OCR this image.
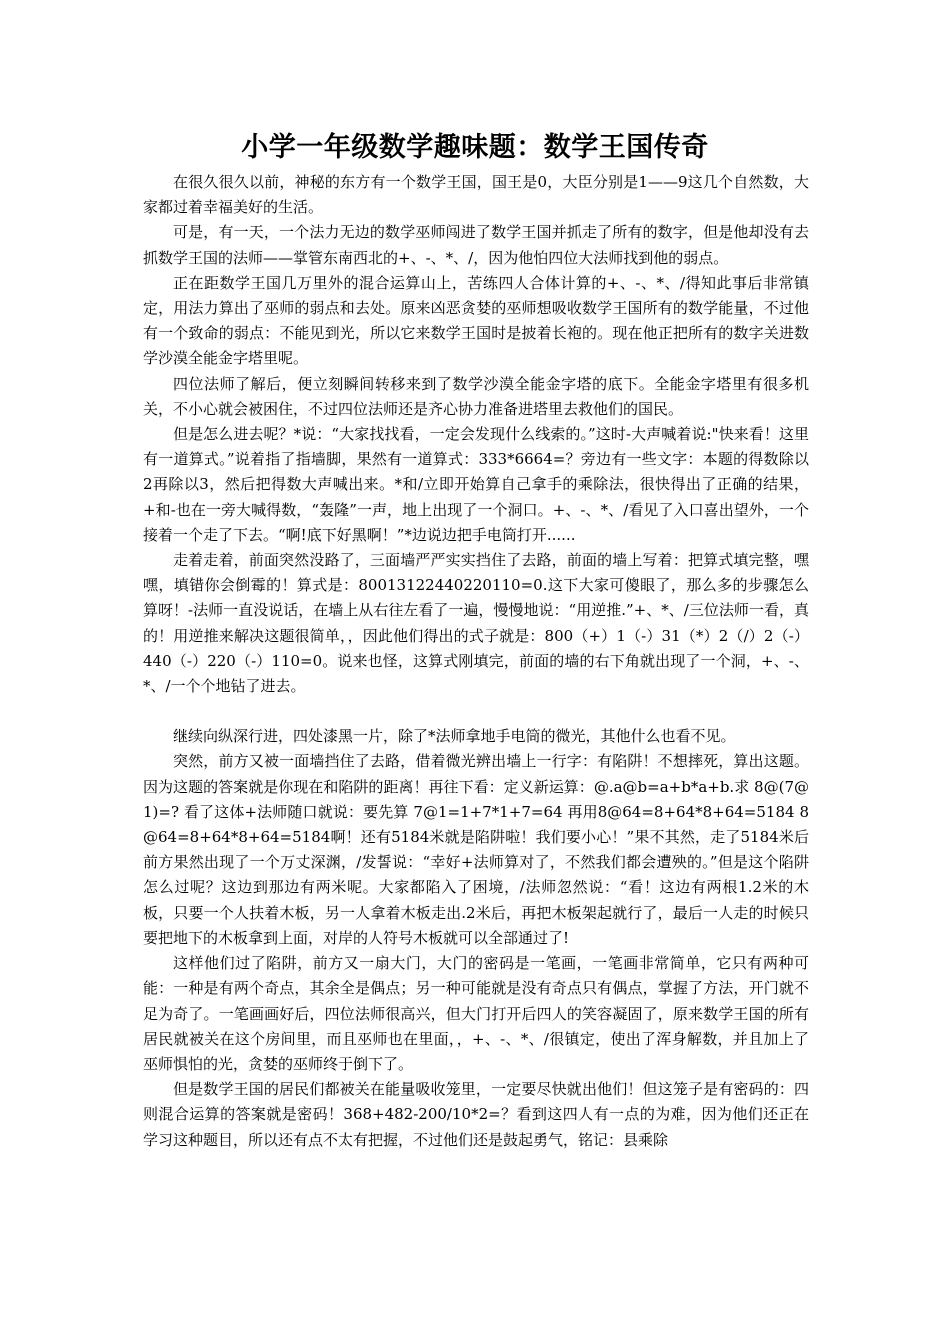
小学一年级数学趣味题：数学王国传奇

在很久很久以前，神秘的东方有一个数学王国，国王是0，大臣分别是1——9这几个自然数，大家都过着幸福美好的生活。

可是，有一天，一个法力无边的数学巫师闯进了数学王国并抓走了所有的数字，但是他却没有去抓数学王国的法师——掌管东南西北的+、-、*、/，因为他怕四位大法师找到他的弱点。

正在距数学王国几万里外的混合运算山上，苦练四人合体计算的+、-、*、/得知此事后非常镇定，用法力算出了巫师的弱点和去处。原来凶恶贪婪的巫师想吸收数学王国所有的数学能量，不过他有一个致命的弱点：不能见到光，所以它来数学王国时是披着长袍的。现在他正把所有的数字关进数学沙漠全能金字塔里呢。

四位法师了解后，便立刻瞬间转移来到了数学沙漠全能金字塔的底下。全能金字塔里有很多机关，不小心就会被困住，不过四位法师还是齐心协力准备进塔里去救他们的国民。

但是怎么进去呢？*说：“大家找找看，一定会发现什么线索的。”这时-大声喊着说:"快来看！这里有一道算式。”说着指了指墙脚，果然有一道算式：333*6664=？旁边有一些文字：本题的得数除以2再除以3，然后把得数大声喊出来。*和/立即开始算自己拿手的乘除法，很快得出了正确的结果，+和-也在一旁大喊得数，“轰隆”一声，地上出现了一个洞口。+、-、*、/看见了入口喜出望外，一个接着一个走了下去。“啊!底下好黑啊！”*边说边把手电筒打开......

走着走着，前面突然没路了，三面墙严严实实挡住了去路，前面的墙上写着：把算式填完整，嘿嘿，填错你会倒霉的！算式是：80013122440220110=0.这下大家可傻眼了，那么多的步骤怎么算呀！-法师一直没说话，在墙上从右往左看了一遍，慢慢地说：“用逆推.”+、*、/三位法师一看，真的！用逆推来解决这题很简单，，因此他们得出的式子就是：800（+）1（-）31（*）2（/）2（-）440（-）220（-）110=0。说来也怪，这算式刚填完，前面的墙的右下角就出现了一个洞，+、-、*、/一个个地钻了进去。

继续向纵深行进，四处漆黑一片，除了*法师拿地手电筒的微光，其他什么也看不见。

突然，前方又被一面墙挡住了去路，借着微光辨出墙上一行字：有陷阱！不想摔死，算出这题。因为这题的答案就是你现在和陷阱的距离！再往下看：定义新运算：@.a@b=a+b*a+b.求 8@(7@1)=? 看了这体+法师随口就说：要先算 7@1=1+7*1+7=64 再用8@64=8+64*8+64=5184 8@64=8+64*8+64=5184啊！还有5184米就是陷阱啦！我们要小心！”果不其然，走了5184米后前方果然出现了一个万丈深渊，/发誓说：“幸好+法师算对了，不然我们都会遭殃的。”但是这个陷阱怎么过呢？这边到那边有两米呢。大家都陷入了困境，/法师忽然说：“看！这边有两根1.2米的木板，只要一个人扶着木板，另一人拿着木板走出.2米后，再把木板架起就行了，最后一人走的时候只要把地下的木板拿到上面，对岸的人符号木板就可以全部通过了!

这样他们过了陷阱，前方又一扇大门，大门的密码是一笔画，一笔画非常简单，它只有两种可能：一种是有两个奇点，其余全是偶点；另一种可能就是没有奇点只有偶点，掌握了方法，开门就不足为奇了。一笔画画好后，四位法师很高兴，但大门打开后四人的笑容凝固了，原来数学王国的所有居民就被关在这个房间里，而且巫师也在里面，，+、-、*、/很镇定，使出了浑身解数，并且加上了巫师惧怕的光，贪婪的巫师终于倒下了。

但是数学王国的居民们都被关在能量吸收笼里，一定要尽快就出他们！但这笼子是有密码的：四则混合运算的答案就是密码！368+482-200/10*2=？看到这四人有一点的为难，因为他们还正在学习这种题目，所以还有点不太有把握，不过他们还是鼓起勇气，铭记：县乘除
